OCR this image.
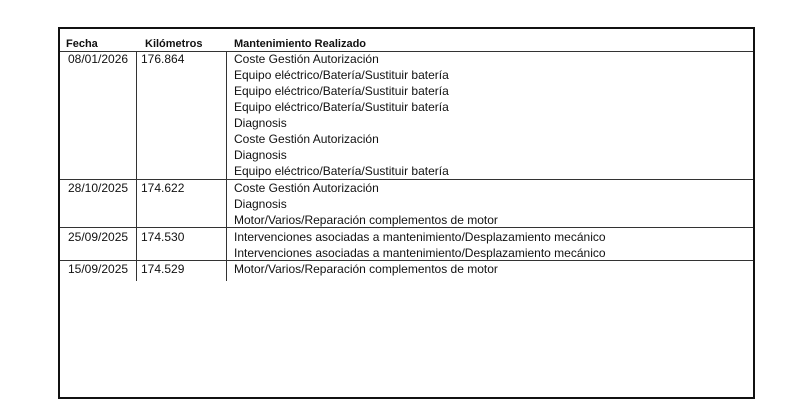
Fecha	Kilómetros	Mantenimiento Realizado
08/01/2026 176.864	Coste Gestión Autorización
Equipo eléctrico/Batería/Sustituir batería
Equipo eléctrico/Batería/Sustituir batería
Equipo eléctrico/Batería/Sustituir batería
Diagnosis
Coste Gestión Autorización
Diagnosis
Equipo eléctrico/Batería/Sustituir batería
28/10/2025 174.622	Coste Gestión Autorización
Diagnosis
Motor/Varios/Reparación complementos de motor
25/09/2025 174.530	Intervenciones asociadas a mantenimiento/Desplazamiento mecánico
Intervenciones asociadas a mantenimiento/Desplazamiento mecánico
15/09/2025 174.529	Motor/Varios/Reparación complementos de motor
